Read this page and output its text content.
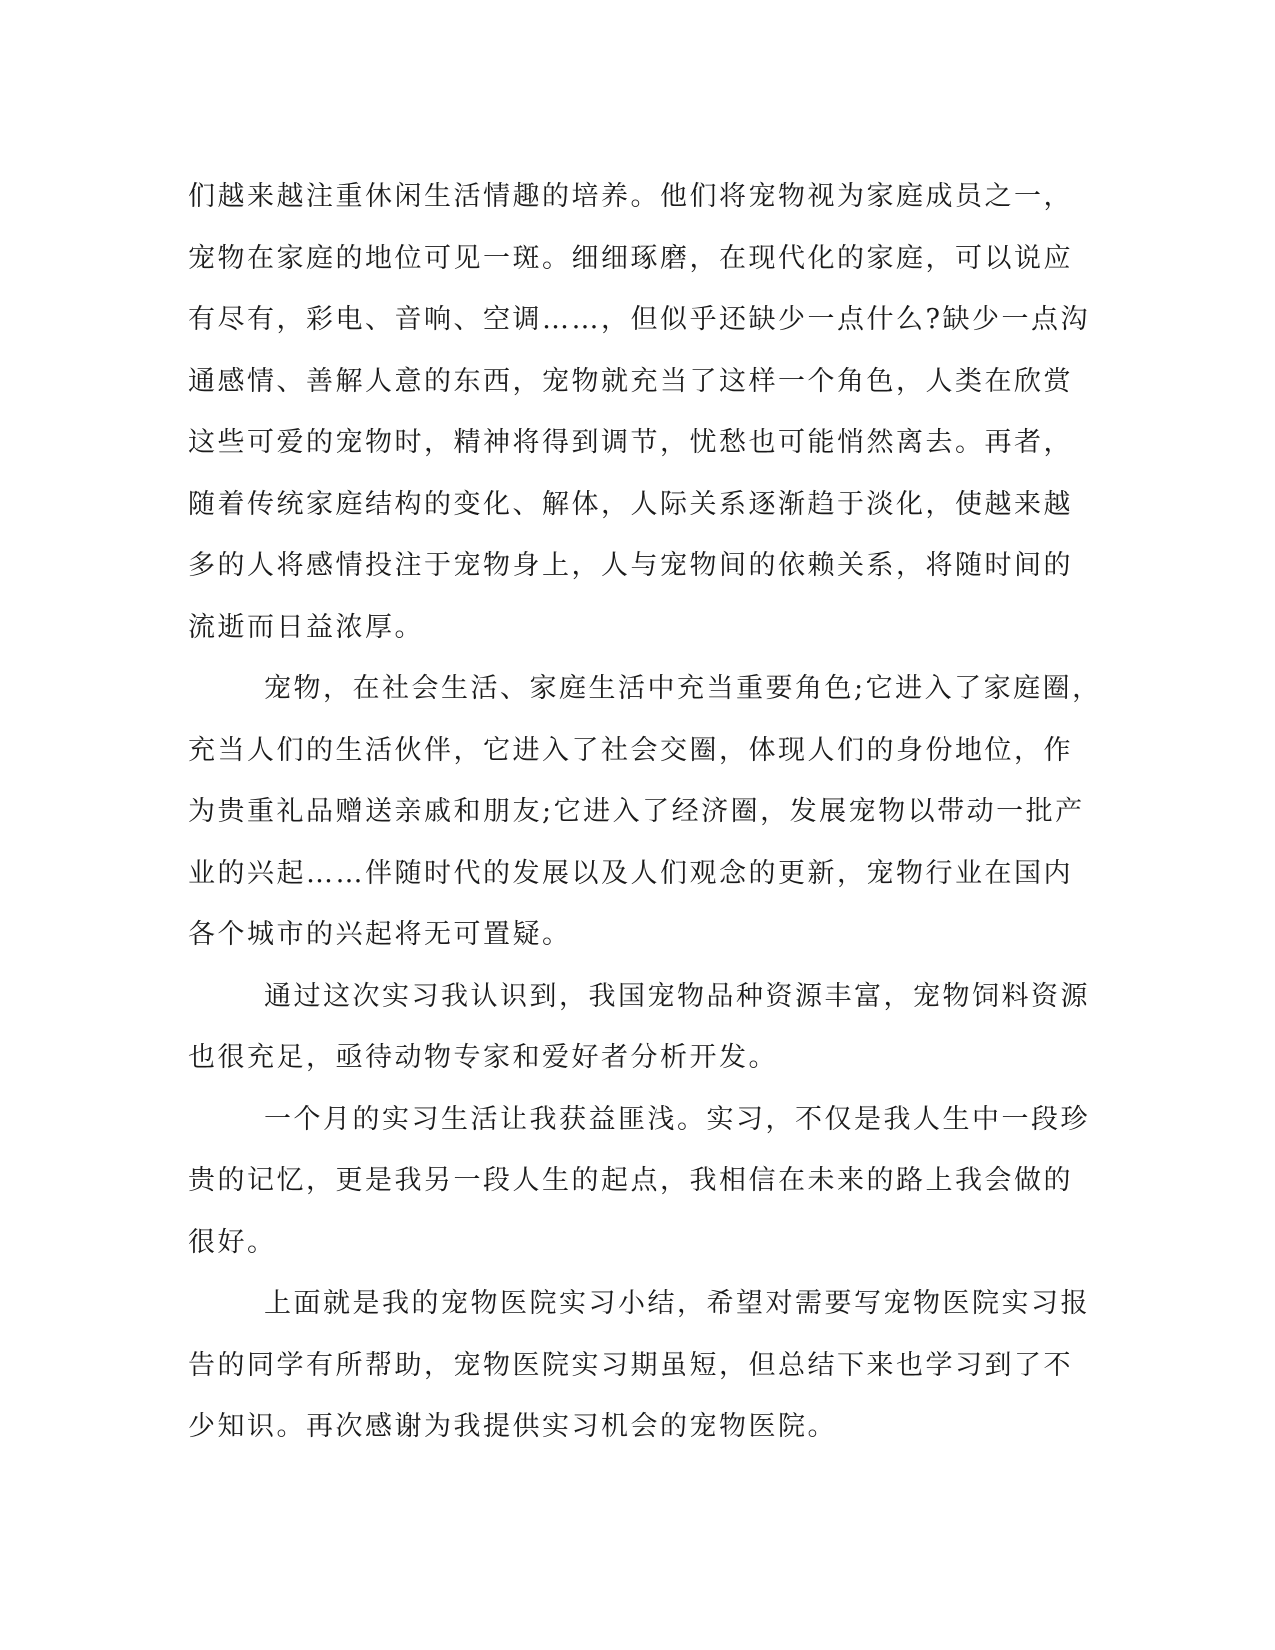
们越来越注重休闲生活情趣的培养。他们将宠物视为家庭成员之一，
宠物在家庭的地位可见一斑。细细琢磨，在现代化的家庭，可以说应
有尽有，彩电、音响、空调……，但似乎还缺少一点什么?缺少一点沟
通感情、善解人意的东西，宠物就充当了这样一个角色，人类在欣赏
这些可爱的宠物时，精神将得到调节，忧愁也可能悄然离去。再者，
随着传统家庭结构的变化、解体，人际关系逐渐趋于淡化，使越来越
多的人将感情投注于宠物身上，人与宠物间的依赖关系，将随时间的
流逝而日益浓厚。
宠物，在社会生活、家庭生活中充当重要角色;它进入了家庭圈，
充当人们的生活伙伴，它进入了社会交圈，体现人们的身份地位，作
为贵重礼品赠送亲戚和朋友;它进入了经济圈，发展宠物以带动一批产
业的兴起……伴随时代的发展以及人们观念的更新，宠物行业在国内
各个城市的兴起将无可置疑。
通过这次实习我认识到，我国宠物品种资源丰富，宠物饲料资源
也很充足，亟待动物专家和爱好者分析开发。
一个月的实习生活让我获益匪浅。实习，不仅是我人生中一段珍
贵的记忆，更是我另一段人生的起点，我相信在未来的路上我会做的
很好。
上面就是我的宠物医院实习小结，希望对需要写宠物医院实习报
告的同学有所帮助，宠物医院实习期虽短，但总结下来也学习到了不
少知识。再次感谢为我提供实习机会的宠物医院。
